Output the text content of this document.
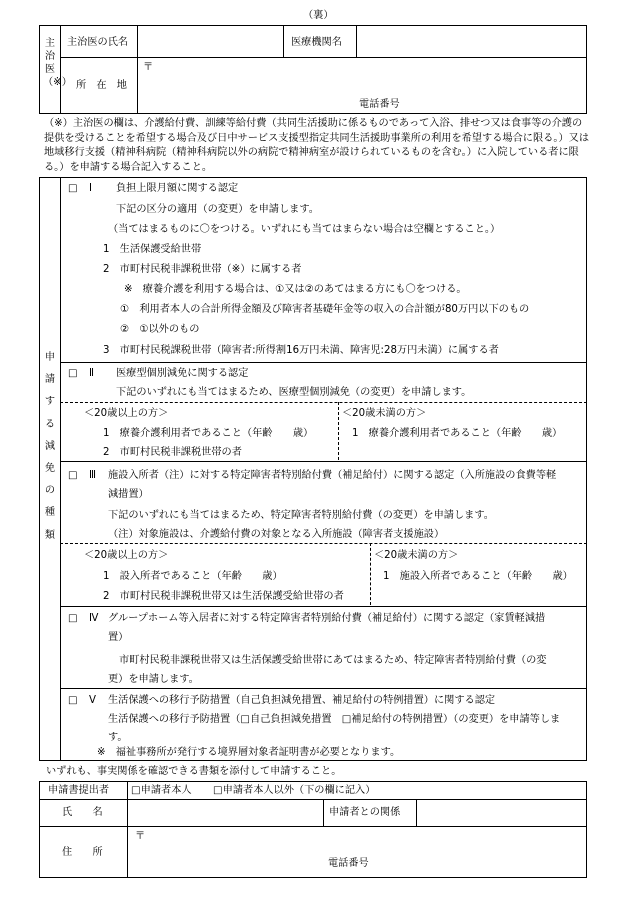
（裏）
主治医（※）
主治医の氏名	医療機関名
所　在　地
〒
電話番号
（※）主治医の欄は、介護給付費、訓練等給付費（共同生活援助に係るものであって入浴、排せつ又は食事等の介護の提供を受けることを希望する場合及び日中サービス支援型指定共同生活援助事業所の利用を希望する場合に限る。）又は地域移行支援（精神科病院（精神科病院以外の病院で精神病室が設けられているものを含む。）に入院している者に限る。）を申請する場合記入すること。
申請する減免の種類
□ Ⅰ 負担上限月額に関する認定
下記の区分の適用（の変更）を申請します。
（当てはまるものに〇をつける。いずれにも当てはまらない場合は空欄とすること。）
1　生活保護受給世帯
2　市町村民税非課税世帯（※）に属する者
※　療養介護を利用する場合は、①又は②のあてはまる方にも〇をつける。
①　利用者本人の合計所得金額及び障害者基礎年金等の収入の合計額が80万円以下のもの
②　①以外のもの
3　市町村民税課税世帯（障害者:所得割16万円未満、障害児:28万円未満）に属する者
□ Ⅱ 医療型個別減免に関する認定
下記のいずれにも当てはまるため、医療型個別減免（の変更）を申請します。
＜20歳以上の方＞
1　療養介護利用者であること（年齢　　歳）
2　市町村民税非課税世帯の者
＜20歳未満の方＞
1　療養介護利用者であること（年齢　　歳）
□ Ⅲ 施設入所者（注）に対する特定障害者特別給付費（補足給付）に関する認定（入所施設の食費等軽
減措置）
下記のいずれにも当てはまるため、特定障害者特別給付費（の変更）を申請します。
（注）対象施設は、介護給付費の対象となる入所施設（障害者支援施設）
＜20歳以上の方＞
1　設入所者であること（年齢　　歳）
2　市町村民税非課税世帯又は生活保護受給世帯の者
＜20歳未満の方＞
1　施設入所者であること（年齢　　歳）
□ Ⅳ グループホーム等入居者に対する特定障害者特別給付費（補足給付）に関する認定（家賃軽減措
置）
市町村民税非課税世帯又は生活保護受給世帯にあてはまるため、特定障害者特別給付費（の変
更）を申請します。
□ Ⅴ 生活保護への移行予防措置（自己負担減免措置、補足給付の特例措置）に関する認定
生活保護への移行予防措置（□自己負担減免措置　□補足給付の特例措置）（の変更）を申請等しま
す。
※　福祉事務所が発行する境界層対象者証明書が必要となります。
いずれも、事実関係を確認できる書類を添付して申請すること。
申請書提出者 □申請者本人 □申請者本人以外（下の欄に記入）
氏　　名	申請者との関係
住　　所
〒
電話番号
